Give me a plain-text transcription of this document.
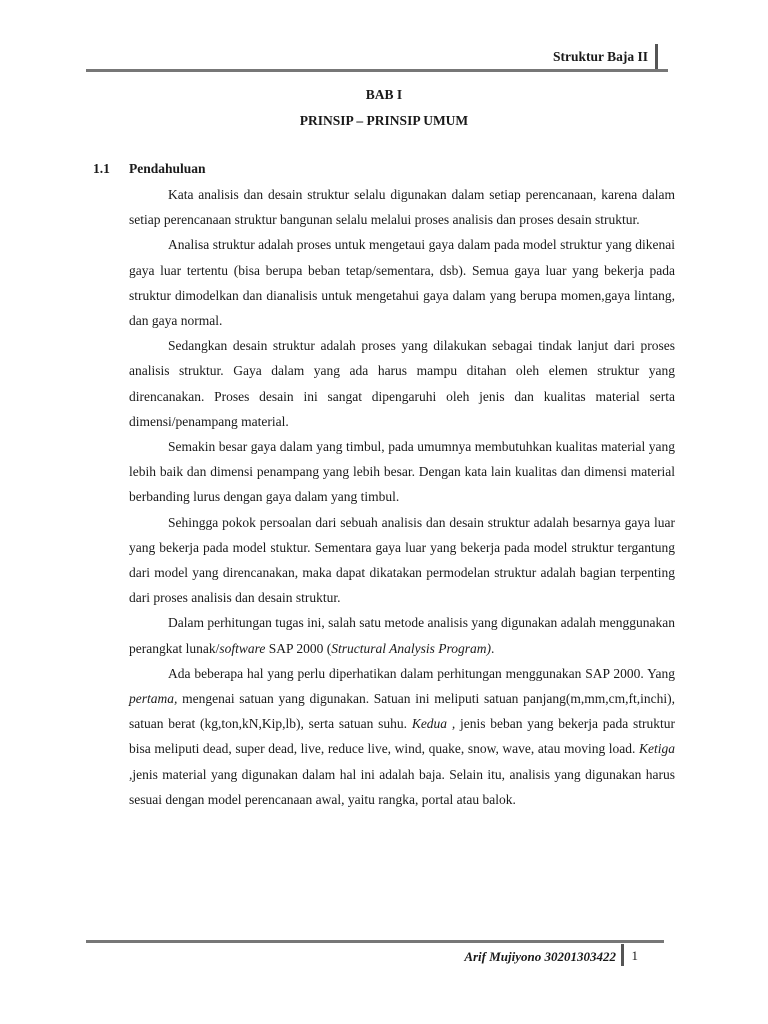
Struktur Baja II
BAB I
PRINSIP – PRINSIP UMUM
1.1 Pendahuluan

Kata analisis dan desain struktur selalu digunakan dalam setiap perencanaan, karena dalam setiap perencanaan struktur bangunan selalu melalui proses analisis dan proses desain struktur.

Analisa struktur adalah proses untuk mengetaui gaya dalam pada model struktur yang dikenai gaya luar tertentu (bisa berupa beban tetap/sementara, dsb). Semua gaya luar yang bekerja pada struktur dimodelkan dan dianalisis untuk mengetahui gaya dalam yang berupa momen,gaya lintang, dan gaya normal.

Sedangkan desain struktur adalah proses yang dilakukan sebagai tindak lanjut dari proses analisis struktur. Gaya dalam yang ada harus mampu ditahan oleh elemen struktur yang direncanakan. Proses desain ini sangat dipengaruhi oleh jenis dan kualitas material serta dimensi/penampang material.

Semakin besar gaya dalam yang timbul, pada umumnya membutuhkan kualitas material yang lebih baik dan dimensi penampang yang lebih besar. Dengan kata lain kualitas dan dimensi material berbanding lurus dengan gaya dalam yang timbul.

Sehingga pokok persoalan dari sebuah analisis dan desain struktur adalah besarnya gaya luar yang bekerja pada model stuktur. Sementara gaya luar yang bekerja pada model struktur tergantung dari model yang direncanakan, maka dapat dikatakan permodelan struktur adalah bagian terpenting dari proses analisis dan desain struktur.

Dalam perhitungan tugas ini, salah satu metode analisis yang digunakan adalah menggunakan perangkat lunak/software SAP 2000 (Structural Analysis Program).

Ada beberapa hal yang perlu diperhatikan dalam perhitungan menggunakan SAP 2000. Yang pertama, mengenai satuan yang digunakan. Satuan ini meliputi satuan panjang(m,mm,cm,ft,inchi), satuan berat (kg,ton,kN,Kip,lb), serta satuan suhu. Kedua , jenis beban yang bekerja pada struktur bisa meliputi dead, super dead, live, reduce live, wind, quake, snow, wave, atau moving load. Ketiga ,jenis material yang digunakan dalam hal ini adalah baja. Selain itu, analisis yang digunakan harus sesuai dengan model perencanaan awal, yaitu rangka, portal atau balok.

Arif Mujiyono 30201303422 1
